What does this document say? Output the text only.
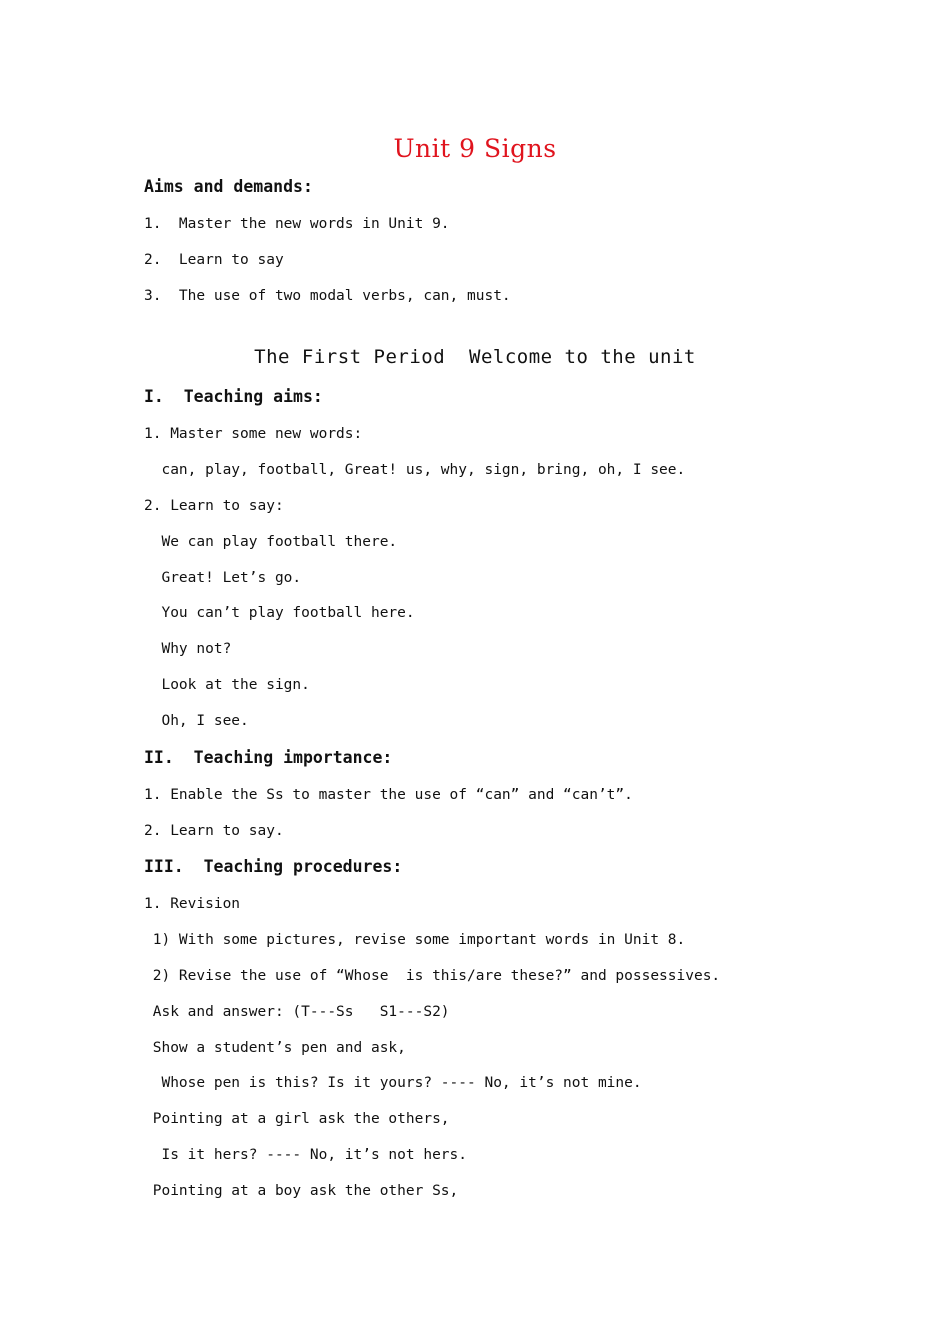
Unit 9 Signs
Aims and demands:
1.  Master the new words in Unit 9.
2.  Learn to say
3.  The use of two modal verbs, can, must.
The First Period  Welcome to the unit
I.  Teaching aims:
1. Master some new words:
can, play, football, Great! us, why, sign, bring, oh, I see.
2. Learn to say:
We can play football there.
Great! Let’s go.
You can’t play football here.
Why not?
Look at the sign.
Oh, I see.
II.  Teaching importance:
1. Enable the Ss to master the use of “can” and “can’t”.
2. Learn to say.
III.  Teaching procedures:
1. Revision
1) With some pictures, revise some important words in Unit 8.
2) Revise the use of “Whose  is this/are these?” and possessives.
Ask and answer: (T---Ss   S1---S2)
Show a student’s pen and ask,
Whose pen is this? Is it yours? ---- No, it’s not mine.
Pointing at a girl ask the others,
Is it hers? ---- No, it’s not hers.
Pointing at a boy ask the other Ss,
